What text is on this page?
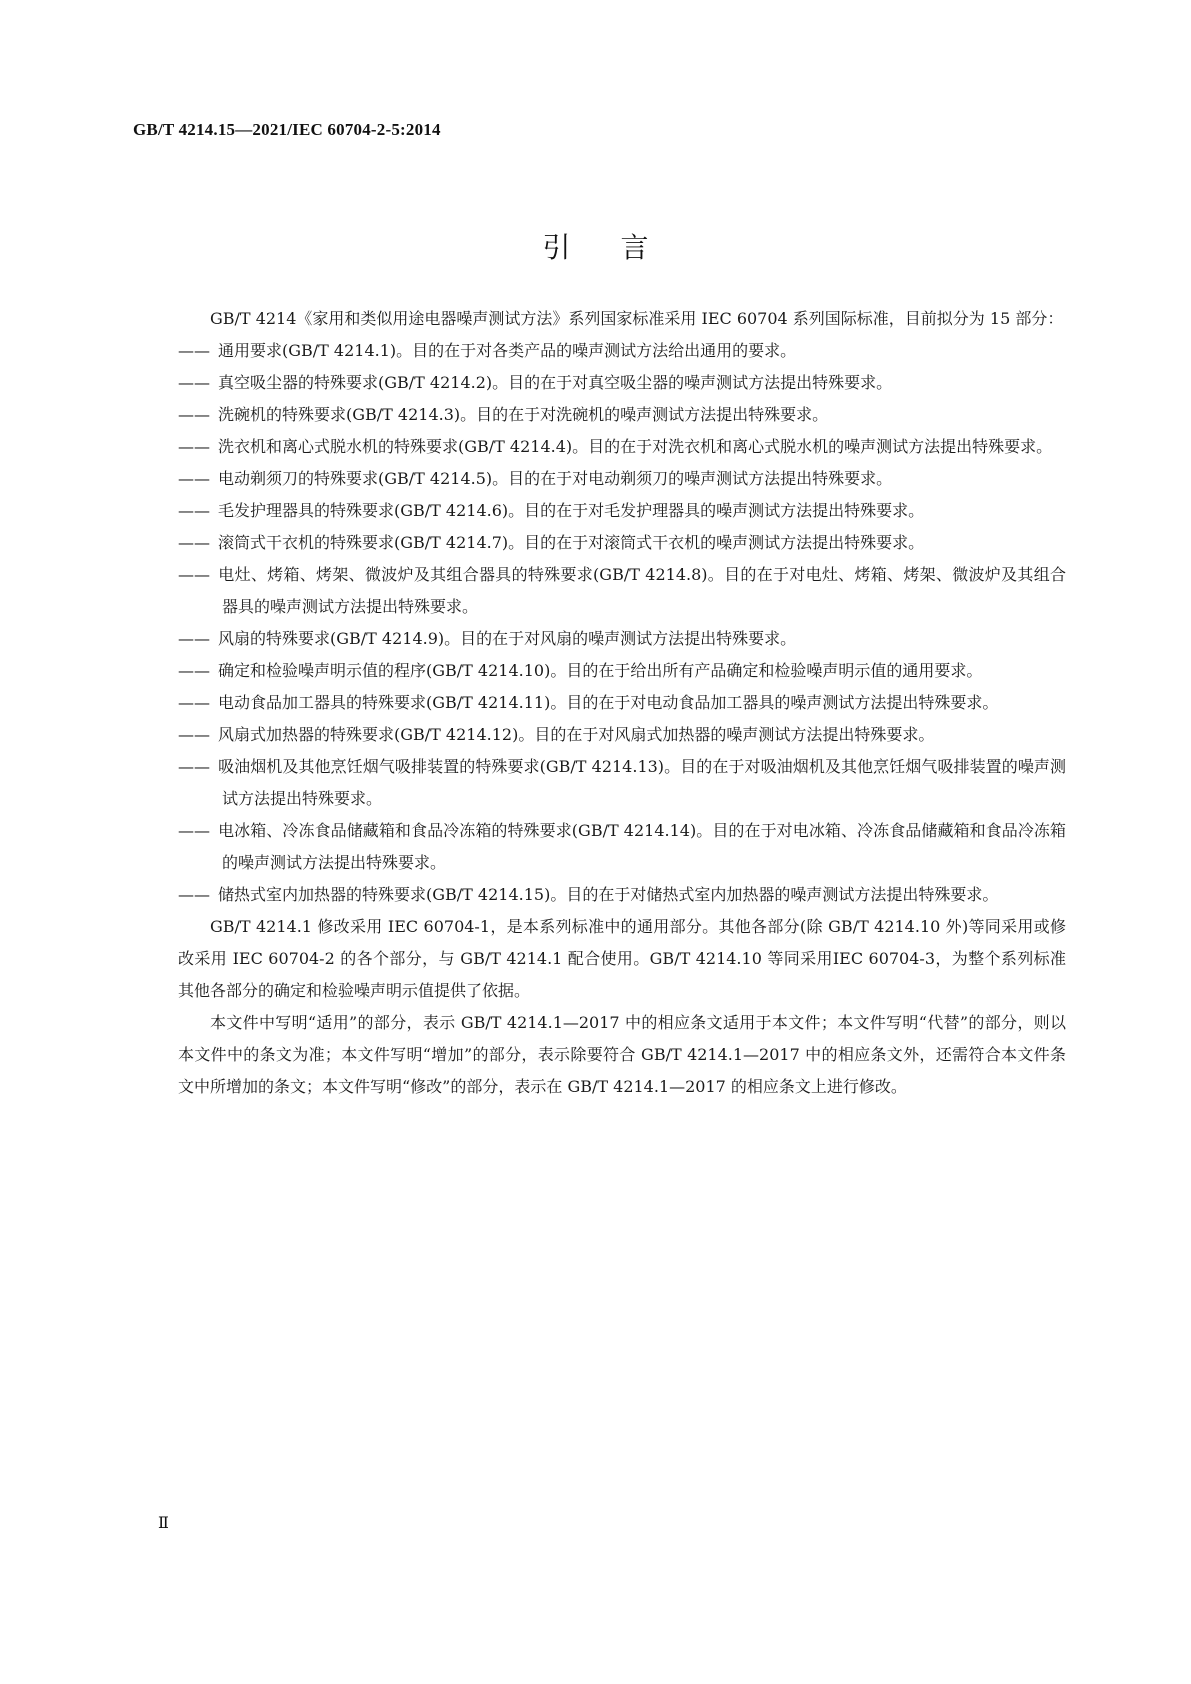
GB/T 4214.15—2021/IEC 60704-2-5:2014
引言

GB/T 4214《家用和类似用途电器噪声测试方法》系列国家标准采用 IEC 60704 系列国际标准，目前拟分为 15 部分：

—— 通用要求(GB/T 4214.1)。目的在于对各类产品的噪声测试方法给出通用的要求。
—— 真空吸尘器的特殊要求(GB/T 4214.2)。目的在于对真空吸尘器的噪声测试方法提出特殊要求。
—— 洗碗机的特殊要求(GB/T 4214.3)。目的在于对洗碗机的噪声测试方法提出特殊要求。
—— 洗衣机和离心式脱水机的特殊要求(GB/T 4214.4)。目的在于对洗衣机和离心式脱水机的噪声测试方法提出特殊要求。
—— 电动剃须刀的特殊要求(GB/T 4214.5)。目的在于对电动剃须刀的噪声测试方法提出特殊要求。
—— 毛发护理器具的特殊要求(GB/T 4214.6)。目的在于对毛发护理器具的噪声测试方法提出特殊要求。
—— 滚筒式干衣机的特殊要求(GB/T 4214.7)。目的在于对滚筒式干衣机的噪声测试方法提出特殊要求。
—— 电灶、烤箱、烤架、微波炉及其组合器具的特殊要求(GB/T 4214.8)。目的在于对电灶、烤箱、烤架、微波炉及其组合器具的噪声测试方法提出特殊要求。
—— 风扇的特殊要求(GB/T 4214.9)。目的在于对风扇的噪声测试方法提出特殊要求。
—— 确定和检验噪声明示值的程序(GB/T 4214.10)。目的在于给出所有产品确定和检验噪声明示值的通用要求。
—— 电动食品加工器具的特殊要求(GB/T 4214.11)。目的在于对电动食品加工器具的噪声测试方法提出特殊要求。
—— 风扇式加热器的特殊要求(GB/T 4214.12)。目的在于对风扇式加热器的噪声测试方法提出特殊要求。
—— 吸油烟机及其他烹饪烟气吸排装置的特殊要求(GB/T 4214.13)。目的在于对吸油烟机及其他烹饪烟气吸排装置的噪声测试方法提出特殊要求。
—— 电冰箱、冷冻食品储藏箱和食品冷冻箱的特殊要求(GB/T 4214.14)。目的在于对电冰箱、冷冻食品储藏箱和食品冷冻箱的噪声测试方法提出特殊要求。
—— 储热式室内加热器的特殊要求(GB/T 4214.15)。目的在于对储热式室内加热器的噪声测试方法提出特殊要求。

GB/T 4214.1 修改采用 IEC 60704-1，是本系列标准中的通用部分。其他各部分(除 GB/T 4214.10 外)等同采用或修改采用 IEC 60704-2 的各个部分，与 GB/T 4214.1 配合使用。GB/T 4214.10 等同采用IEC 60704-3，为整个系列标准其他各部分的确定和检验噪声明示值提供了依据。

本文件中写明“适用”的部分，表示 GB/T 4214.1—2017 中的相应条文适用于本文件；本文件写明“代替”的部分，则以本文件中的条文为准；本文件写明“增加”的部分，表示除要符合 GB/T 4214.1—2017 中的相应条文外，还需符合本文件条文中所增加的条文；本文件写明“修改”的部分，表示在 GB/T 4214.1—2017 的相应条文上进行修改。

Ⅱ
